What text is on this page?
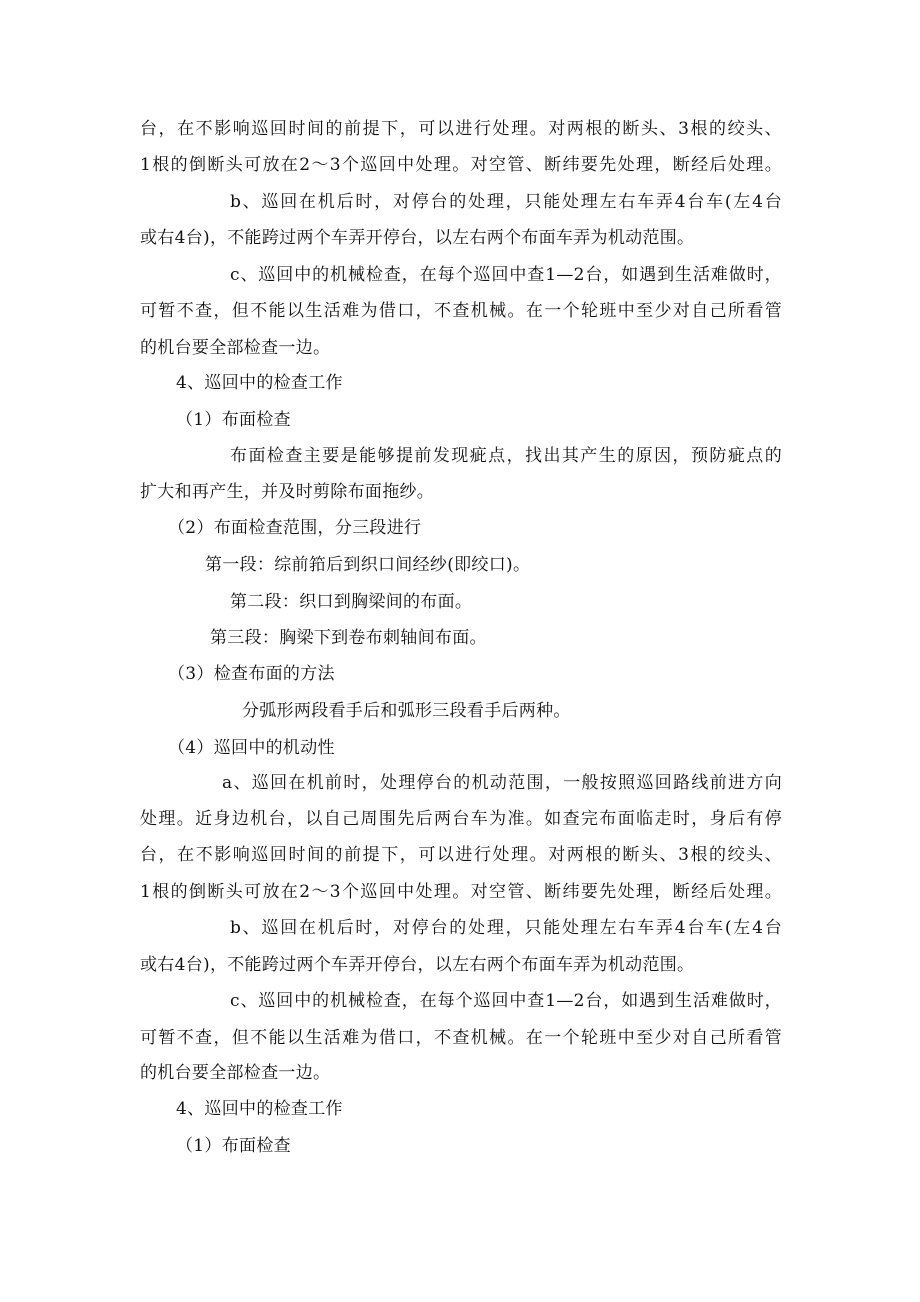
台，在不影响巡回时间的前提下，可以进行处理。对两根的断头、3根的绞头、
1根的倒断头可放在2～3个巡回中处理。对空管、断纬要先处理，断经后处理。
b、巡回在机后时，对停台的处理，只能处理左右车弄4台车(左4台
或右4台)，不能跨过两个车弄开停台，以左右两个布面车弄为机动范围。
c、巡回中的机械检查，在每个巡回中查1—2台，如遇到生活难做时，
可暂不查，但不能以生活难为借口，不查机械。在一个轮班中至少对自己所看管
的机台要全部检查一边。
4、巡回中的检查工作
（1）布面检查
布面检查主要是能够提前发现疵点，找出其产生的原因，预防疵点的
扩大和再产生，并及时剪除布面拖纱。
（2）布面检查范围，分三段进行
第一段：综前筘后到织口间经纱(即绞口)。
第二段：织口到胸梁间的布面。
第三段：胸梁下到卷布刺轴间布面。
（3）检查布面的方法
分弧形两段看手后和弧形三段看手后两种。
（4）巡回中的机动性
a、巡回在机前时，处理停台的机动范围，一般按照巡回路线前进方向
处理。近身边机台，以自己周围先后两台车为准。如查完布面临走时，身后有停
台，在不影响巡回时间的前提下，可以进行处理。对两根的断头、3根的绞头、
1根的倒断头可放在2～3个巡回中处理。对空管、断纬要先处理，断经后处理。
b、巡回在机后时，对停台的处理，只能处理左右车弄4台车(左4台
或右4台)，不能跨过两个车弄开停台，以左右两个布面车弄为机动范围。
c、巡回中的机械检查，在每个巡回中查1—2台，如遇到生活难做时，
可暂不查，但不能以生活难为借口，不查机械。在一个轮班中至少对自己所看管
的机台要全部检查一边。
4、巡回中的检查工作
（1）布面检查
